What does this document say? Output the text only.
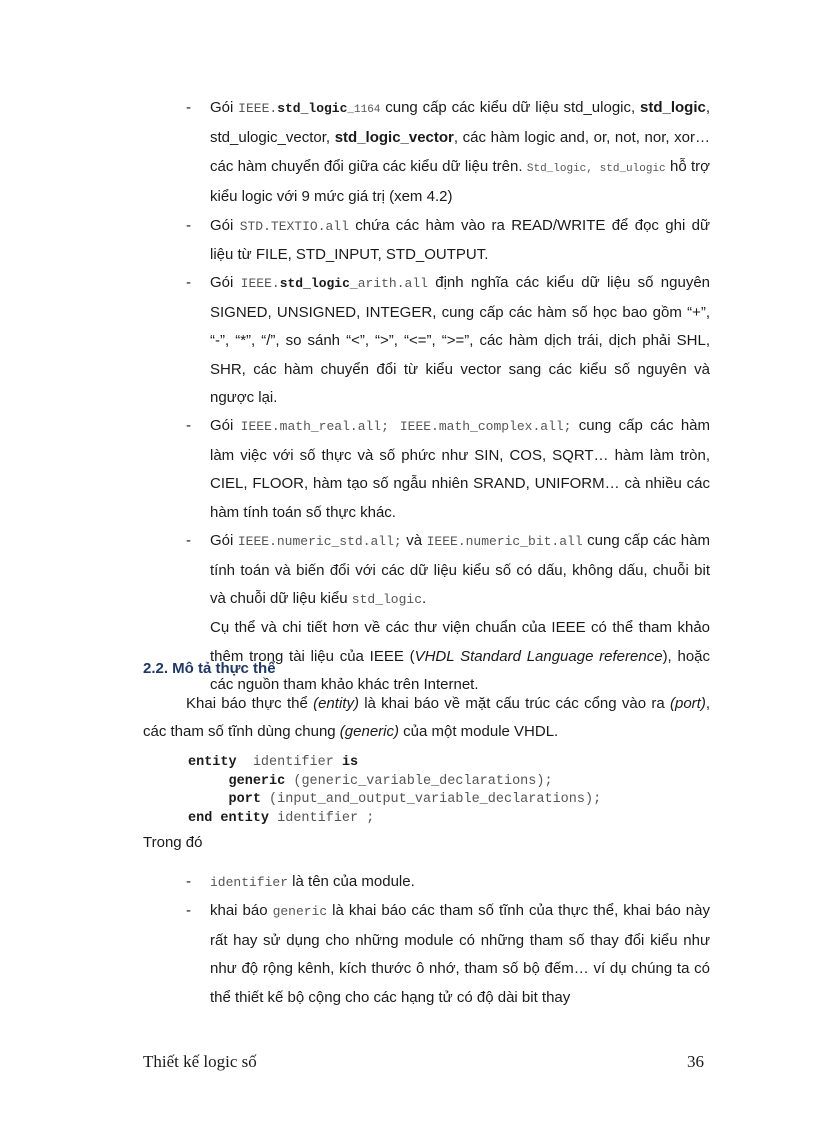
- Gói IEEE.std_logic_1164 cung cấp các kiểu dữ liệu std_ulogic, std_logic, std_ulogic_vector, std_logic_vector, các hàm logic and, or, not, nor, xor… các hàm chuyển đổi giữa các kiểu dữ liệu trên. Std_logic, std_ulogic hỗ trợ kiểu logic với 9 mức giá trị (xem 4.2)

- Gói STD.TEXTIO.all chứa các hàm vào ra READ/WRITE để đọc ghi dữ liệu từ FILE, STD_INPUT, STD_OUTPUT.

- Gói IEEE.std_logic_arith.all định nghĩa các kiểu dữ liệu số nguyên SIGNED, UNSIGNED, INTEGER, cung cấp các hàm số học bao gồm “+”, “-”, “*”, “/”, so sánh “<”, “>”, “<=”, “>=”, các hàm dịch trái, dịch phải SHL, SHR, các hàm chuyển đổi từ kiểu vector sang các kiểu số nguyên và ngược lại.

- Gói IEEE.math_real.all; IEEE.math_complex.all; cung cấp các hàm làm việc với số thực và số phức như SIN, COS, SQRT… hàm làm tròn, CIEL, FLOOR, hàm tạo số ngẫu nhiên SRAND, UNIFORM… cà nhiều các hàm tính toán số thực khác.

- Gói IEEE.numeric_std.all; và IEEE.numeric_bit.all cung cấp các hàm tính toán và biến đổi với các dữ liệu kiểu số có dấu, không dấu, chuỗi bit và chuỗi dữ liệu kiểu std_logic.

Cụ thể và chi tiết hơn về các thư viện chuẩn của IEEE có thể tham khảo thêm trong tài liệu của IEEE (VHDL Standard Language reference), hoặc các nguồn tham khảo khác trên Internet.

2.2. Mô tả thực thể

Khai báo thực thể (entity) là khai báo về mặt cấu trúc các cổng vào ra (port), các tham số tĩnh dùng chung (generic) của một module VHDL.

entity identifier is
generic (generic_variable_declarations);
port (input_and_output_variable_declarations);
end entity identifier ;
Trong đó

- identifier là tên của module.

- khai báo generic là khai báo các tham số tĩnh của thực thể, khai báo này rất hay sử dụng cho những module có những tham số thay đổi kiểu như như độ rộng kênh, kích thước ô nhớ, tham số bộ đếm… ví dụ chúng ta có thể thiết kế bộ cộng cho các hạng tử có độ dài bit thay

Thiết kế logic số	36
